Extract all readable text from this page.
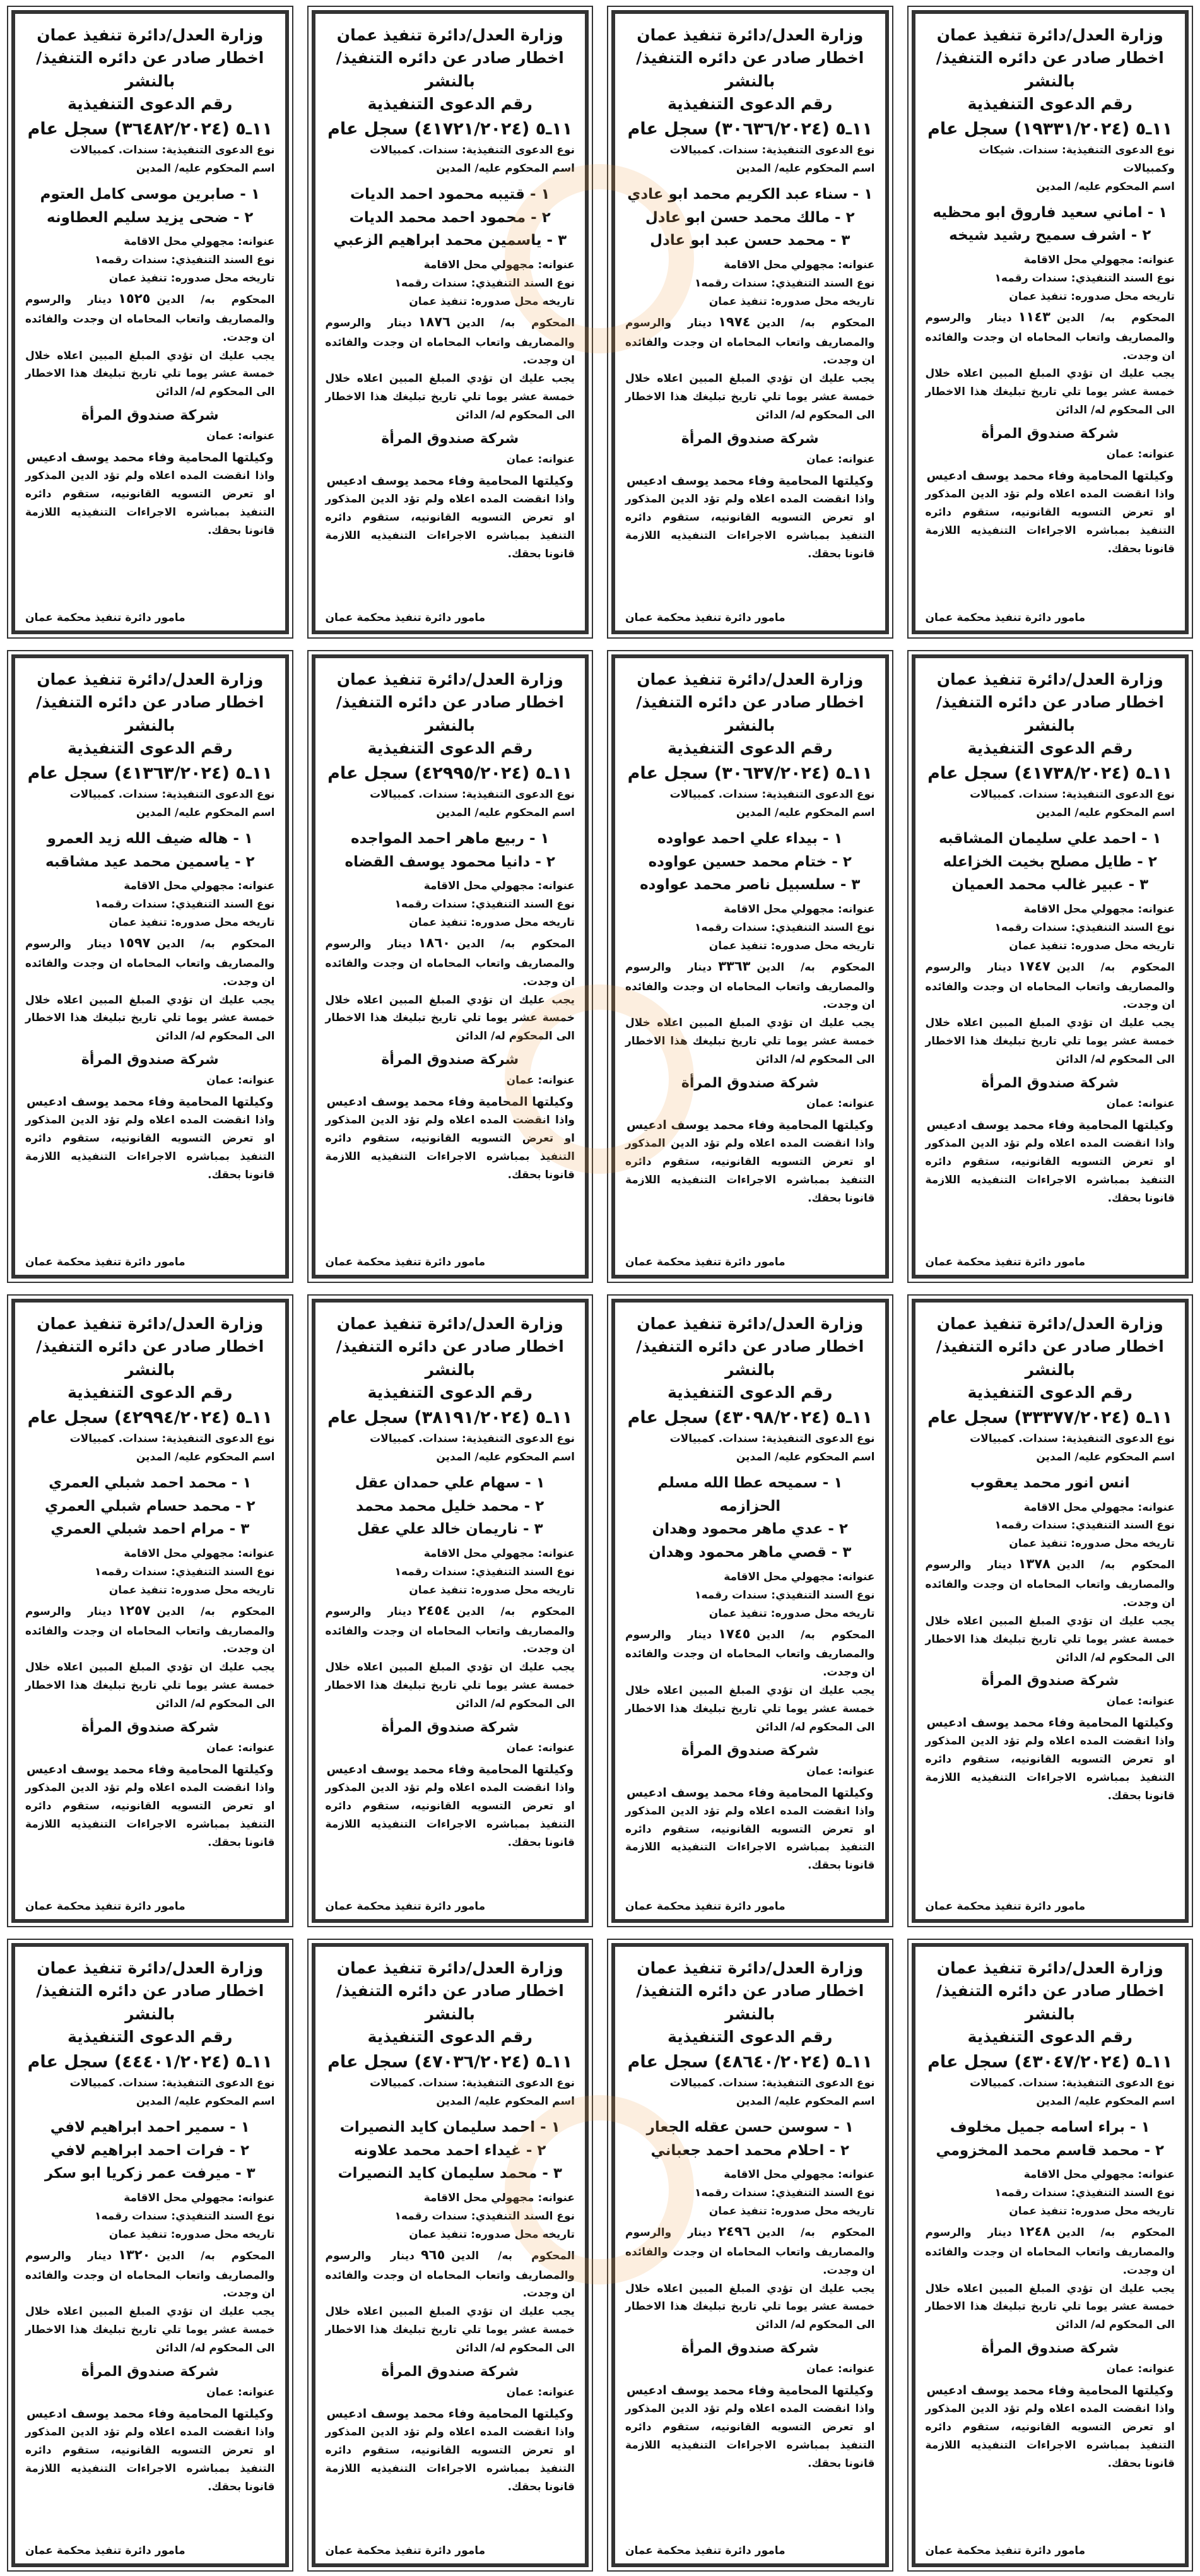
وزارة العدل/دائرة تنفيذ عمان
اخطار صادر عن دائره التنفيذ/ بالنشر
رقم الدعوى التنفيذية
١١ـ٥ (١٩٣٣١/٢٠٢٤) سجل عام
نوع الدعوى التنفيذية: سندات. شيكات وكمبيالات
اسم المحكوم عليه/ المدين
١ - اماني سعيد فاروق ابو محظيه
٢ - اشرف سميح رشيد شيخه
عنوانه: مجهولي محل الاقامة
نوع السند التنفيذي: سندات رقمه١
تاريخه محل صدوره: تنفيذ عمان
المحكوم به/ الدين١١٤٣دينار والرسوم والمصاريف واتعاب المحاماه ان وجدت والفائده ان وجدت.
يجب عليك ان تؤدي المبلغ المبين اعلاه خلال خمسة عشر يوما تلي تاريخ تبليغك هذا الاخطار الى المحكوم له/ الدائن
شركة صندوق المرأة
عنوانه: عمان
وكيلتها المحامية وفاء محمد يوسف ادعيس
واذا انقضت المده اعلاه ولم تؤد الدين المذكور او تعرض التسويه القانونيه، ستقوم دائره التنفيذ بمباشره الاجراءات التنفيذيه اللازمة قانونا بحقك.
مامور دائرة تنفيذ محكمة عمان
وزارة العدل/دائرة تنفيذ عمان
اخطار صادر عن دائره التنفيذ/ بالنشر
رقم الدعوى التنفيذية
١١ـ٥ (٣٠٦٣٦/٢٠٢٤) سجل عام
نوع الدعوى التنفيذية: سندات. كمبيالات
اسم المحكوم عليه/ المدين
١ - سناء عبد الكريم محمد ابو عادي
٢ - مالك محمد حسن ابو عادل
٣ - محمد حسن عبد ابو عادل
عنوانه: مجهولي محل الاقامة
نوع السند التنفيذي: سندات رقمه١
تاريخه محل صدوره: تنفيذ عمان
المحكوم به/ الدين١٩٧٤دينار والرسوم والمصاريف واتعاب المحاماه ان وجدت والفائده ان وجدت.
يجب عليك ان تؤدي المبلغ المبين اعلاه خلال خمسة عشر يوما تلي تاريخ تبليغك هذا الاخطار الى المحكوم له/ الدائن
شركة صندوق المرأة
عنوانه: عمان
وكيلتها المحامية وفاء محمد يوسف ادعيس
واذا انقضت المده اعلاه ولم تؤد الدين المذكور او تعرض التسويه القانونيه، ستقوم دائره التنفيذ بمباشره الاجراءات التنفيذيه اللازمة قانونا بحقك.
مامور دائرة تنفيذ محكمة عمان
وزارة العدل/دائرة تنفيذ عمان
اخطار صادر عن دائره التنفيذ/ بالنشر
رقم الدعوى التنفيذية
١١ـ٥ (٤١٧٢١/٢٠٢٤) سجل عام
نوع الدعوى التنفيذية: سندات. كمبيالات
اسم المحكوم عليه/ المدين
١ - قتيبه محمود احمد الديات
٢ - محمود احمد محمد الديات
٣ - ياسمين محمد ابراهيم الزعبي
عنوانه: مجهولي محل الاقامة
نوع السند التنفيذي: سندات رقمه١
تاريخه محل صدوره: تنفيذ عمان
المحكوم به/ الدين١٨٧٦دينار والرسوم والمصاريف واتعاب المحاماه ان وجدت والفائده ان وجدت.
يجب عليك ان تؤدي المبلغ المبين اعلاه خلال خمسة عشر يوما تلي تاريخ تبليغك هذا الاخطار الى المحكوم له/ الدائن
شركة صندوق المرأة
عنوانه: عمان
وكيلتها المحامية وفاء محمد يوسف ادعيس
واذا انقضت المده اعلاه ولم تؤد الدين المذكور او تعرض التسويه القانونيه، ستقوم دائره التنفيذ بمباشره الاجراءات التنفيذيه اللازمة قانونا بحقك.
مامور دائرة تنفيذ محكمة عمان
وزارة العدل/دائرة تنفيذ عمان
اخطار صادر عن دائره التنفيذ/ بالنشر
رقم الدعوى التنفيذية
١١ـ٥ (٣٦٤٨٢/٢٠٢٤) سجل عام
نوع الدعوى التنفيذية: سندات. كمبيالات
اسم المحكوم عليه/ المدين
١ - صابرين موسى كامل العتوم
٢ - ضحى يزيد سليم العطاونه
عنوانه: مجهولي محل الاقامة
نوع السند التنفيذي: سندات رقمه١
تاريخه محل صدوره: تنفيذ عمان
المحكوم به/ الدين١٥٢٥دينار والرسوم والمصاريف واتعاب المحاماه ان وجدت والفائده ان وجدت.
يجب عليك ان تؤدي المبلغ المبين اعلاه خلال خمسة عشر يوما تلي تاريخ تبليغك هذا الاخطار الى المحكوم له/ الدائن
شركة صندوق المرأة
عنوانه: عمان
وكيلتها المحامية وفاء محمد يوسف ادعيس
واذا انقضت المده اعلاه ولم تؤد الدين المذكور او تعرض التسويه القانونيه، ستقوم دائره التنفيذ بمباشره الاجراءات التنفيذيه اللازمة قانونا بحقك.
مامور دائرة تنفيذ محكمة عمان
وزارة العدل/دائرة تنفيذ عمان
اخطار صادر عن دائره التنفيذ/ بالنشر
رقم الدعوى التنفيذية
١١ـ٥ (٤١٧٣٨/٢٠٢٤) سجل عام
نوع الدعوى التنفيذية: سندات. كمبيالات
اسم المحكوم عليه/ المدين
١ - احمد علي سليمان المشاقبه
٢ - طايل مصلح بخيت الخزاعله
٣ - عبير غالب محمد العميان
عنوانه: مجهولي محل الاقامة
نوع السند التنفيذي: سندات رقمه١
تاريخه محل صدوره: تنفيذ عمان
المحكوم به/ الدين١٧٤٧دينار والرسوم والمصاريف واتعاب المحاماه ان وجدت والفائده ان وجدت.
يجب عليك ان تؤدي المبلغ المبين اعلاه خلال خمسة عشر يوما تلي تاريخ تبليغك هذا الاخطار الى المحكوم له/ الدائن
شركة صندوق المرأة
عنوانه: عمان
وكيلتها المحامية وفاء محمد يوسف ادعيس
واذا انقضت المده اعلاه ولم تؤد الدين المذكور او تعرض التسويه القانونيه، ستقوم دائره التنفيذ بمباشره الاجراءات التنفيذيه اللازمة قانونا بحقك.
مامور دائرة تنفيذ محكمة عمان
وزارة العدل/دائرة تنفيذ عمان
اخطار صادر عن دائره التنفيذ/ بالنشر
رقم الدعوى التنفيذية
١١ـ٥ (٣٠٦٣٧/٢٠٢٤) سجل عام
نوع الدعوى التنفيذية: سندات. كمبيالات
اسم المحكوم عليه/ المدين
١ - بيداء علي احمد عواوده
٢ - ختام محمد حسين عواوده
٣ - سلسبيل ناصر محمد عواوده
عنوانه: مجهولي محل الاقامة
نوع السند التنفيذي: سندات رقمه١
تاريخه محل صدوره: تنفيذ عمان
المحكوم به/ الدين٣٣٦٣دينار والرسوم والمصاريف واتعاب المحاماه ان وجدت والفائده ان وجدت.
يجب عليك ان تؤدي المبلغ المبين اعلاه خلال خمسة عشر يوما تلي تاريخ تبليغك هذا الاخطار الى المحكوم له/ الدائن
شركة صندوق المرأة
عنوانه: عمان
وكيلتها المحامية وفاء محمد يوسف ادعيس
واذا انقضت المده اعلاه ولم تؤد الدين المذكور او تعرض التسويه القانونيه، ستقوم دائره التنفيذ بمباشره الاجراءات التنفيذيه اللازمة قانونا بحقك.
مامور دائرة تنفيذ محكمة عمان
وزارة العدل/دائرة تنفيذ عمان
اخطار صادر عن دائره التنفيذ/ بالنشر
رقم الدعوى التنفيذية
١١ـ٥ (٤٢٩٩٥/٢٠٢٤) سجل عام
نوع الدعوى التنفيذية: سندات. كمبيالات
اسم المحكوم عليه/ المدين
١ - ربيع ماهر احمد المواجده
٢ - دانيا محمود يوسف القضاه
عنوانه: مجهولي محل الاقامة
نوع السند التنفيذي: سندات رقمه١
تاريخه محل صدوره: تنفيذ عمان
المحكوم به/ الدين١٨٦٠دينار والرسوم والمصاريف واتعاب المحاماه ان وجدت والفائده ان وجدت.
يجب عليك ان تؤدي المبلغ المبين اعلاه خلال خمسة عشر يوما تلي تاريخ تبليغك هذا الاخطار الى المحكوم له/ الدائن
شركة صندوق المرأة
عنوانه: عمان
وكيلتها المحامية وفاء محمد يوسف ادعيس
واذا انقضت المده اعلاه ولم تؤد الدين المذكور او تعرض التسويه القانونيه، ستقوم دائره التنفيذ بمباشره الاجراءات التنفيذيه اللازمة قانونا بحقك.
مامور دائرة تنفيذ محكمة عمان
وزارة العدل/دائرة تنفيذ عمان
اخطار صادر عن دائره التنفيذ/ بالنشر
رقم الدعوى التنفيذية
١١ـ٥ (٤١٣٦٣/٢٠٢٤) سجل عام
نوع الدعوى التنفيذية: سندات. كمبيالات
اسم المحكوم عليه/ المدين
١ - هاله ضيف الله زيد العمرو
٢ - ياسمين محمد عيد مشاقبه
عنوانه: مجهولي محل الاقامة
نوع السند التنفيذي: سندات رقمه١
تاريخه محل صدوره: تنفيذ عمان
المحكوم به/ الدين١٥٩٧دينار والرسوم والمصاريف واتعاب المحاماه ان وجدت والفائده ان وجدت.
يجب عليك ان تؤدي المبلغ المبين اعلاه خلال خمسة عشر يوما تلي تاريخ تبليغك هذا الاخطار الى المحكوم له/ الدائن
شركة صندوق المرأة
عنوانه: عمان
وكيلتها المحامية وفاء محمد يوسف ادعيس
واذا انقضت المده اعلاه ولم تؤد الدين المذكور او تعرض التسويه القانونيه، ستقوم دائره التنفيذ بمباشره الاجراءات التنفيذيه اللازمة قانونا بحقك.
مامور دائرة تنفيذ محكمة عمان
وزارة العدل/دائرة تنفيذ عمان
اخطار صادر عن دائره التنفيذ/ بالنشر
رقم الدعوى التنفيذية
١١ـ٥ (٣٣٣٧٧/٢٠٢٤) سجل عام
نوع الدعوى التنفيذية: سندات. كمبيالات
اسم المحكوم عليه/ المدين
انس انور محمد يعقوب
عنوانه: مجهولي محل الاقامة
نوع السند التنفيذي: سندات رقمه١
تاريخه محل صدوره: تنفيذ عمان
المحكوم به/ الدين١٣٧٨دينار والرسوم والمصاريف واتعاب المحاماه ان وجدت والفائده ان وجدت.
يجب عليك ان تؤدي المبلغ المبين اعلاه خلال خمسة عشر يوما تلي تاريخ تبليغك هذا الاخطار الى المحكوم له/ الدائن
شركة صندوق المرأة
عنوانه: عمان
وكيلتها المحامية وفاء محمد يوسف ادعيس
واذا انقضت المده اعلاه ولم تؤد الدين المذكور او تعرض التسويه القانونيه، ستقوم دائره التنفيذ بمباشره الاجراءات التنفيذيه اللازمة قانونا بحقك.
مامور دائرة تنفيذ محكمة عمان
وزارة العدل/دائرة تنفيذ عمان
اخطار صادر عن دائره التنفيذ/ بالنشر
رقم الدعوى التنفيذية
١١ـ٥ (٤٣٠٩٨/٢٠٢٤) سجل عام
نوع الدعوى التنفيذية: سندات. كمبيالات
اسم المحكوم عليه/ المدين
١ - سميحه عطا الله مسلم الحزازمه
٢ - عدي ماهر محمود وهدان
٣ - قصي ماهر محمود وهدان
عنوانه: مجهولي محل الاقامة
نوع السند التنفيذي: سندات رقمه١
تاريخه محل صدوره: تنفيذ عمان
المحكوم به/ الدين١٧٤٥دينار والرسوم والمصاريف واتعاب المحاماه ان وجدت والفائده ان وجدت.
يجب عليك ان تؤدي المبلغ المبين اعلاه خلال خمسة عشر يوما تلي تاريخ تبليغك هذا الاخطار الى المحكوم له/ الدائن
شركة صندوق المرأة
عنوانه: عمان
وكيلتها المحامية وفاء محمد يوسف ادعيس
واذا انقضت المده اعلاه ولم تؤد الدين المذكور او تعرض التسويه القانونيه، ستقوم دائره التنفيذ بمباشره الاجراءات التنفيذيه اللازمة قانونا بحقك.
مامور دائرة تنفيذ محكمة عمان
وزارة العدل/دائرة تنفيذ عمان
اخطار صادر عن دائره التنفيذ/ بالنشر
رقم الدعوى التنفيذية
١١ـ٥ (٣٨١٩١/٢٠٢٤) سجل عام
نوع الدعوى التنفيذية: سندات. كمبيالات
اسم المحكوم عليه/ المدين
١ - سهام علي حمدان عقل
٢ - محمد خليل محمد محمد
٣ - ناريمان خالد علي عقل
عنوانه: مجهولي محل الاقامة
نوع السند التنفيذي: سندات رقمه١
تاريخه محل صدوره: تنفيذ عمان
المحكوم به/ الدين٢٤٥٤دينار والرسوم والمصاريف واتعاب المحاماه ان وجدت والفائده ان وجدت.
يجب عليك ان تؤدي المبلغ المبين اعلاه خلال خمسة عشر يوما تلي تاريخ تبليغك هذا الاخطار الى المحكوم له/ الدائن
شركة صندوق المرأة
عنوانه: عمان
وكيلتها المحامية وفاء محمد يوسف ادعيس
واذا انقضت المده اعلاه ولم تؤد الدين المذكور او تعرض التسويه القانونيه، ستقوم دائره التنفيذ بمباشره الاجراءات التنفيذيه اللازمة قانونا بحقك.
مامور دائرة تنفيذ محكمة عمان
وزارة العدل/دائرة تنفيذ عمان
اخطار صادر عن دائره التنفيذ/ بالنشر
رقم الدعوى التنفيذية
١١ـ٥ (٤٢٩٩٤/٢٠٢٤) سجل عام
نوع الدعوى التنفيذية: سندات. كمبيالات
اسم المحكوم عليه/ المدين
١ - محمد احمد شبلي العمري
٢ - محمد حسام شبلي العمري
٣ - مرام احمد شبلي العمري
عنوانه: مجهولي محل الاقامة
نوع السند التنفيذي: سندات رقمه١
تاريخه محل صدوره: تنفيذ عمان
المحكوم به/ الدين١٢٥٧دينار والرسوم والمصاريف واتعاب المحاماه ان وجدت والفائده ان وجدت.
يجب عليك ان تؤدي المبلغ المبين اعلاه خلال خمسة عشر يوما تلي تاريخ تبليغك هذا الاخطار الى المحكوم له/ الدائن
شركة صندوق المرأة
عنوانه: عمان
وكيلتها المحامية وفاء محمد يوسف ادعيس
واذا انقضت المده اعلاه ولم تؤد الدين المذكور او تعرض التسويه القانونيه، ستقوم دائره التنفيذ بمباشره الاجراءات التنفيذيه اللازمة قانونا بحقك.
مامور دائرة تنفيذ محكمة عمان
وزارة العدل/دائرة تنفيذ عمان
اخطار صادر عن دائره التنفيذ/ بالنشر
رقم الدعوى التنفيذية
١١ـ٥ (٤٣٠٤٧/٢٠٢٤) سجل عام
نوع الدعوى التنفيذية: سندات. كمبيالات
اسم المحكوم عليه/ المدين
١ - براء اسامه جميل مخلوف
٢ - محمد قاسم محمد المخزومي
عنوانه: مجهولي محل الاقامة
نوع السند التنفيذي: سندات رقمه١
تاريخه محل صدوره: تنفيذ عمان
المحكوم به/ الدين١٢٤٨دينار والرسوم والمصاريف واتعاب المحاماه ان وجدت والفائده ان وجدت.
يجب عليك ان تؤدي المبلغ المبين اعلاه خلال خمسة عشر يوما تلي تاريخ تبليغك هذا الاخطار الى المحكوم له/ الدائن
شركة صندوق المرأة
عنوانه: عمان
وكيلتها المحامية وفاء محمد يوسف ادعيس
واذا انقضت المده اعلاه ولم تؤد الدين المذكور او تعرض التسويه القانونيه، ستقوم دائره التنفيذ بمباشره الاجراءات التنفيذيه اللازمة قانونا بحقك.
مامور دائرة تنفيذ محكمة عمان
وزارة العدل/دائرة تنفيذ عمان
اخطار صادر عن دائره التنفيذ/ بالنشر
رقم الدعوى التنفيذية
١١ـ٥ (٤٨٦٤٠/٢٠٢٤) سجل عام
نوع الدعوى التنفيذية: سندات. كمبيالات
اسم المحكوم عليه/ المدين
١ - سوسن حسن عقله الجعار
٢ - احلام محمد احمد جعباني
عنوانه: مجهولي محل الاقامة
نوع السند التنفيذي: سندات رقمه١
تاريخه محل صدوره: تنفيذ عمان
المحكوم به/ الدين٢٤٩٦دينار والرسوم والمصاريف واتعاب المحاماه ان وجدت والفائده ان وجدت.
يجب عليك ان تؤدي المبلغ المبين اعلاه خلال خمسة عشر يوما تلي تاريخ تبليغك هذا الاخطار الى المحكوم له/ الدائن
شركة صندوق المرأة
عنوانه: عمان
وكيلتها المحامية وفاء محمد يوسف ادعيس
واذا انقضت المده اعلاه ولم تؤد الدين المذكور او تعرض التسويه القانونيه، ستقوم دائره التنفيذ بمباشره الاجراءات التنفيذيه اللازمة قانونا بحقك.
مامور دائرة تنفيذ محكمة عمان
وزارة العدل/دائرة تنفيذ عمان
اخطار صادر عن دائره التنفيذ/ بالنشر
رقم الدعوى التنفيذية
١١ـ٥ (٤٧٠٣٦/٢٠٢٤) سجل عام
نوع الدعوى التنفيذية: سندات. كمبيالات
اسم المحكوم عليه/ المدين
١ - احمد سليمان كايد النصيرات
٢ - غيداء احمد محمد علاونه
٣ - محمد سليمان كايد النصيرات
عنوانه: مجهولي محل الاقامة
نوع السند التنفيذي: سندات رقمه١
تاريخه محل صدوره: تنفيذ عمان
المحكوم به/ الدين٩٦٥دينار والرسوم والمصاريف واتعاب المحاماه ان وجدت والفائده ان وجدت.
يجب عليك ان تؤدي المبلغ المبين اعلاه خلال خمسة عشر يوما تلي تاريخ تبليغك هذا الاخطار الى المحكوم له/ الدائن
شركة صندوق المرأة
عنوانه: عمان
وكيلتها المحامية وفاء محمد يوسف ادعيس
واذا انقضت المده اعلاه ولم تؤد الدين المذكور او تعرض التسويه القانونيه، ستقوم دائره التنفيذ بمباشره الاجراءات التنفيذيه اللازمة قانونا بحقك.
مامور دائرة تنفيذ محكمة عمان
وزارة العدل/دائرة تنفيذ عمان
اخطار صادر عن دائره التنفيذ/ بالنشر
رقم الدعوى التنفيذية
١١ـ٥ (٤٤٤٠١/٢٠٢٤) سجل عام
نوع الدعوى التنفيذية: سندات. كمبيالات
اسم المحكوم عليه/ المدين
١ - سمير احمد ابراهيم لافي
٢ - فرات احمد ابراهيم لافي
٣ - ميرفت عمر زكريا ابو سكر
عنوانه: مجهولي محل الاقامة
نوع السند التنفيذي: سندات رقمه١
تاريخه محل صدوره: تنفيذ عمان
المحكوم به/ الدين١٣٢٠دينار والرسوم والمصاريف واتعاب المحاماه ان وجدت والفائده ان وجدت.
يجب عليك ان تؤدي المبلغ المبين اعلاه خلال خمسة عشر يوما تلي تاريخ تبليغك هذا الاخطار الى المحكوم له/ الدائن
شركة صندوق المرأة
عنوانه: عمان
وكيلتها المحامية وفاء محمد يوسف ادعيس
واذا انقضت المده اعلاه ولم تؤد الدين المذكور او تعرض التسويه القانونيه، ستقوم دائره التنفيذ بمباشره الاجراءات التنفيذيه اللازمة قانونا بحقك.
مامور دائرة تنفيذ محكمة عمان
